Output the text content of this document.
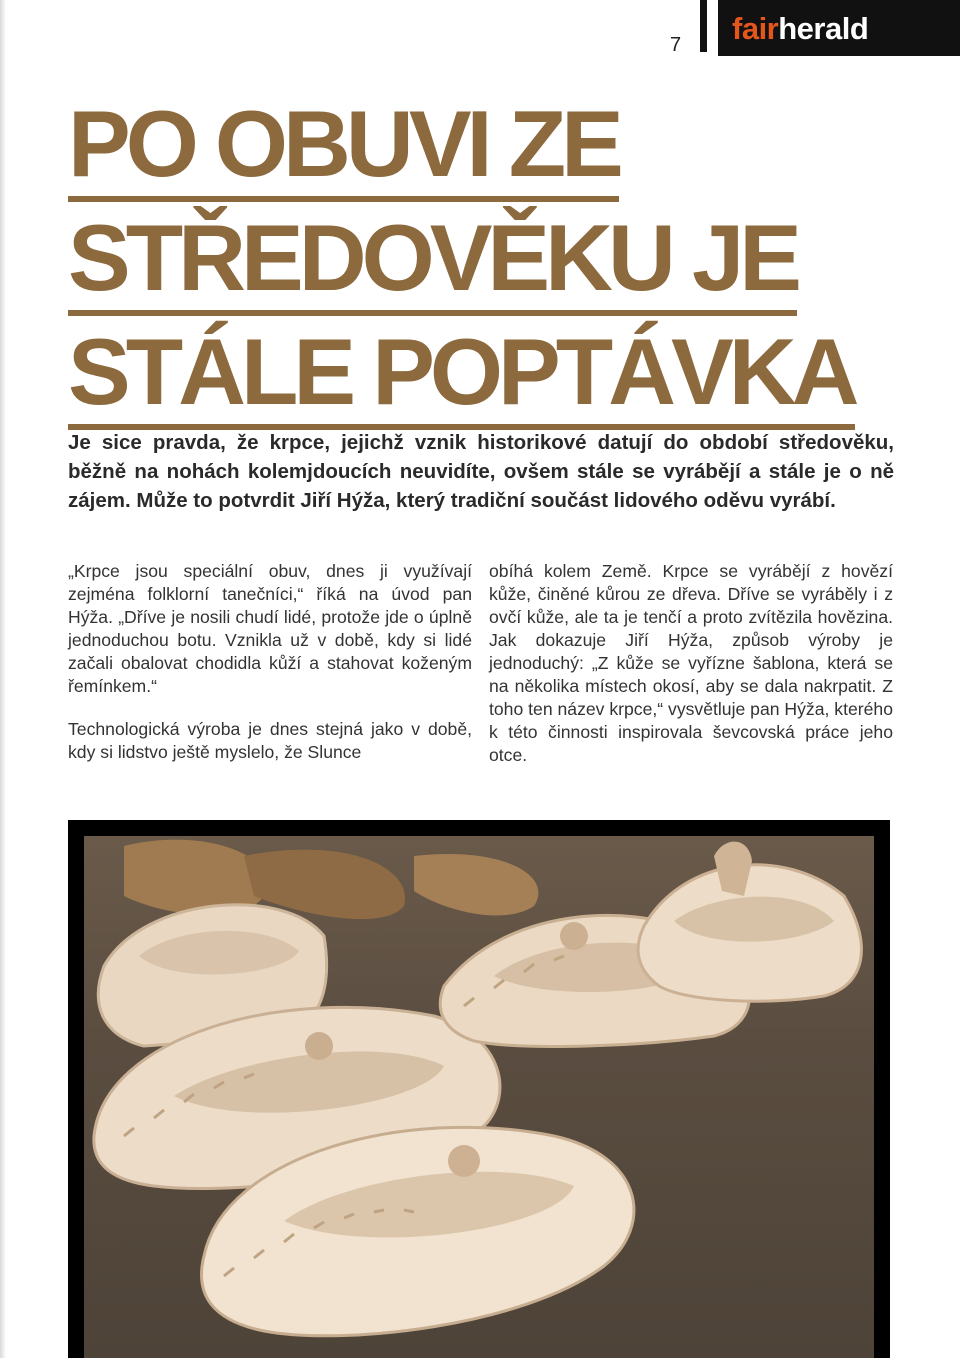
7 fair herald
PO OBUVI ZE
STŘEDOVĚKU JE
STÁLE POPTÁVKA

Je sice pravda, že krpce, jejichž vznik historikové datují do období středověku, běžně na nohách kolemjdoucích neuvidíte, ovšem stále se vyrábějí a stále je o ně zájem. Může to potvrdit Jiří Hýža, který tradiční součást lidového oděvu vyrábí.

„Krpce jsou speciální obuv, dnes ji využívají zejména folklorní tanečníci,“ říká na úvod pan Hýža. „Dříve je nosili chudí lidé, protože jde o úplně jednoduchou botu. Vznikla už v době, kdy si lidé začali obalovat chodidla kůží a stahovat koženým řemínkem.“

Technologická výroba je dnes stejná jako v době, kdy si lidstvo ještě myslelo, že Slunce

obíhá kolem Země. Krpce se vyrábějí z hovězí kůže, činěné kůrou ze dřeva. Dříve se vyráběly i z ovčí kůže, ale ta je tenčí a proto zvítězila hovězina. Jak dokazuje Jiří Hýža, způsob výroby je jednoduchý: „Z kůže se vyřízne šablona, která se na několika místech okosí, aby se dala nakrpatit. Z toho ten název krpce,“ vysvětluje pan Hýža, kterého k této činnosti inspirovala ševcovská práce jeho otce.
